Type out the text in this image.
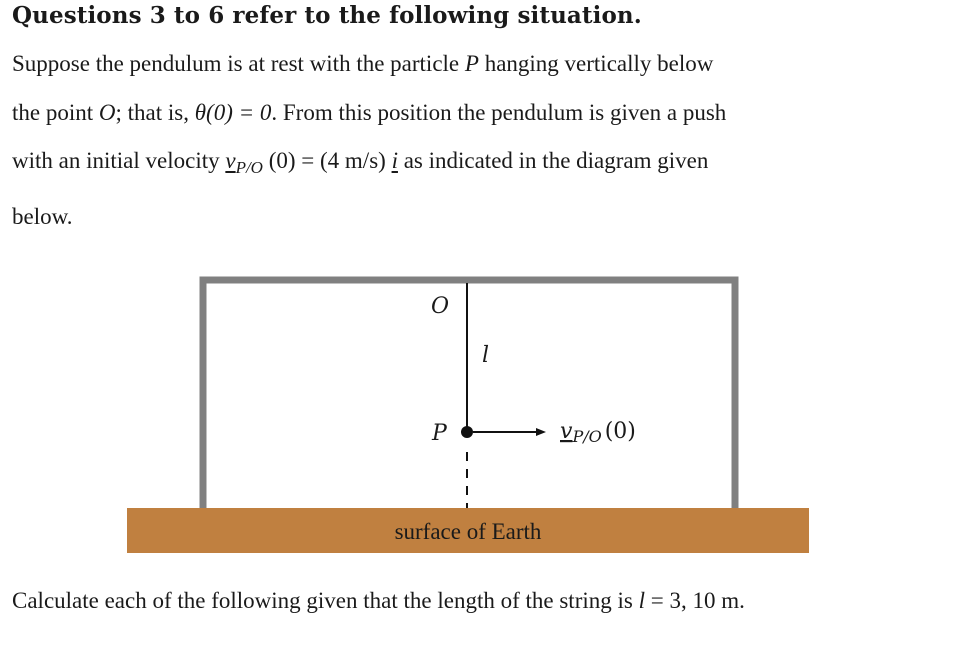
Questions 3 to 6 refer to the following situation.
Suppose the pendulum is at rest with the particle P hanging vertically below
the point O; that is, θ(0) = 0. From this position the pendulum is given a push
with an initial velocity $v_{P/O}$ (0) = (4 m/s) i as indicated in the diagram given
below.
O
l
P	vP/O (0)
surface of Earth
Calculate each of the following given that the length of the string is l = 3, 10 m.
